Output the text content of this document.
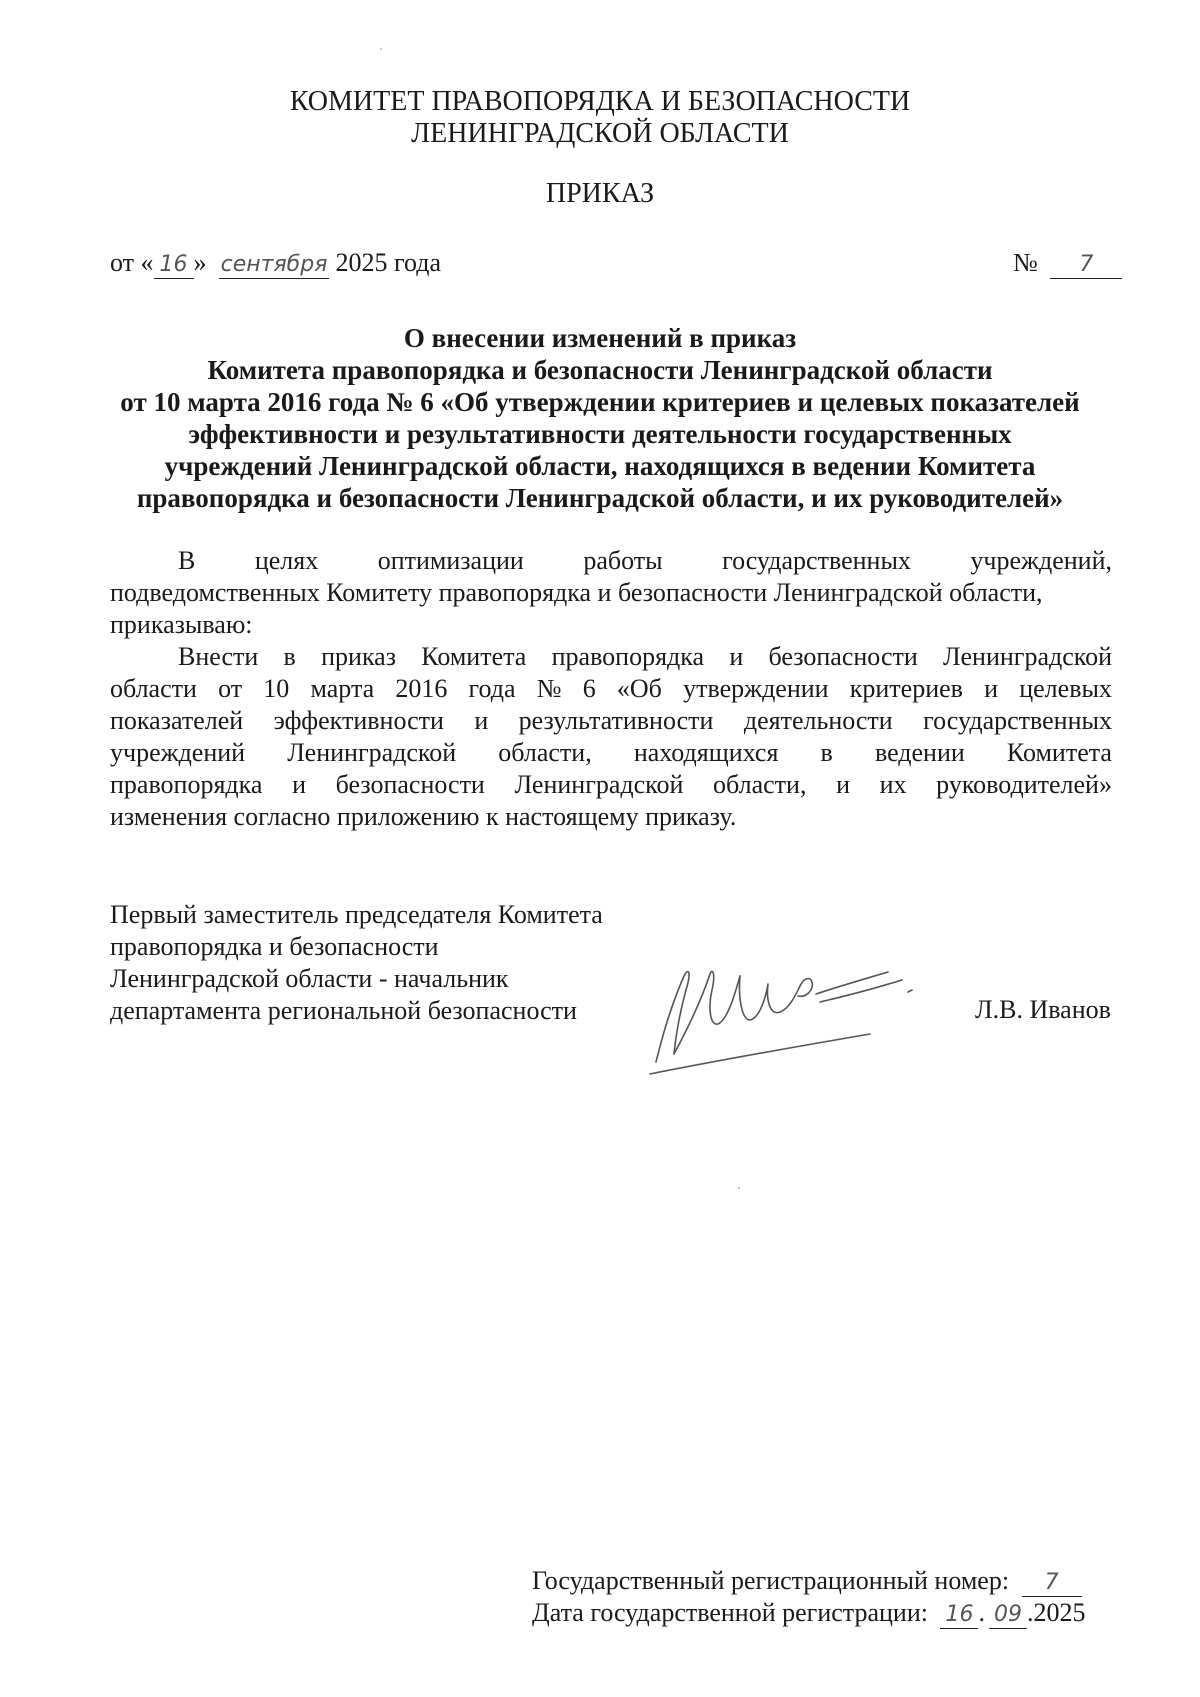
КОМИТЕТ ПРАВОПОРЯДКА И БЕЗОПАСНОСТИ
ЛЕНИНГРАДСКОЙ ОБЛАСТИ
ПРИКАЗ
от « 16 » сентября 2025 года	№ 7
О внесении изменений в приказ
Комитета правопорядка и безопасности Ленинградской области
от 10 марта 2016 года № 6 «Об утверждении критериев и целевых показателей
эффективности и результативности деятельности государственных
учреждений Ленинградской области, находящихся в ведении Комитета
правопорядка и безопасности Ленинградской области, и их руководителей»
В целях оптимизации работы государственных учреждений,
подведомственных Комитету правопорядка и безопасности Ленинградской области,
приказываю:
Внести в приказ Комитета правопорядка и безопасности Ленинградской
области от 10 марта 2016 года № 6 «Об утверждении критериев и целевых
показателей эффективности и результативности деятельности государственных
учреждений Ленинградской области, находящихся в ведении Комитета
правопорядка и безопасности Ленинградской области, и их руководителей»
изменения согласно приложению к настоящему приказу.
Первый заместитель председателя Комитета
правопорядка и безопасности
Ленинградской области - начальник
департамента региональной безопасности	Л.В. Иванов
Государственный регистрационный номер: 7
Дата государственной регистрации: 16 . 09 .2025
